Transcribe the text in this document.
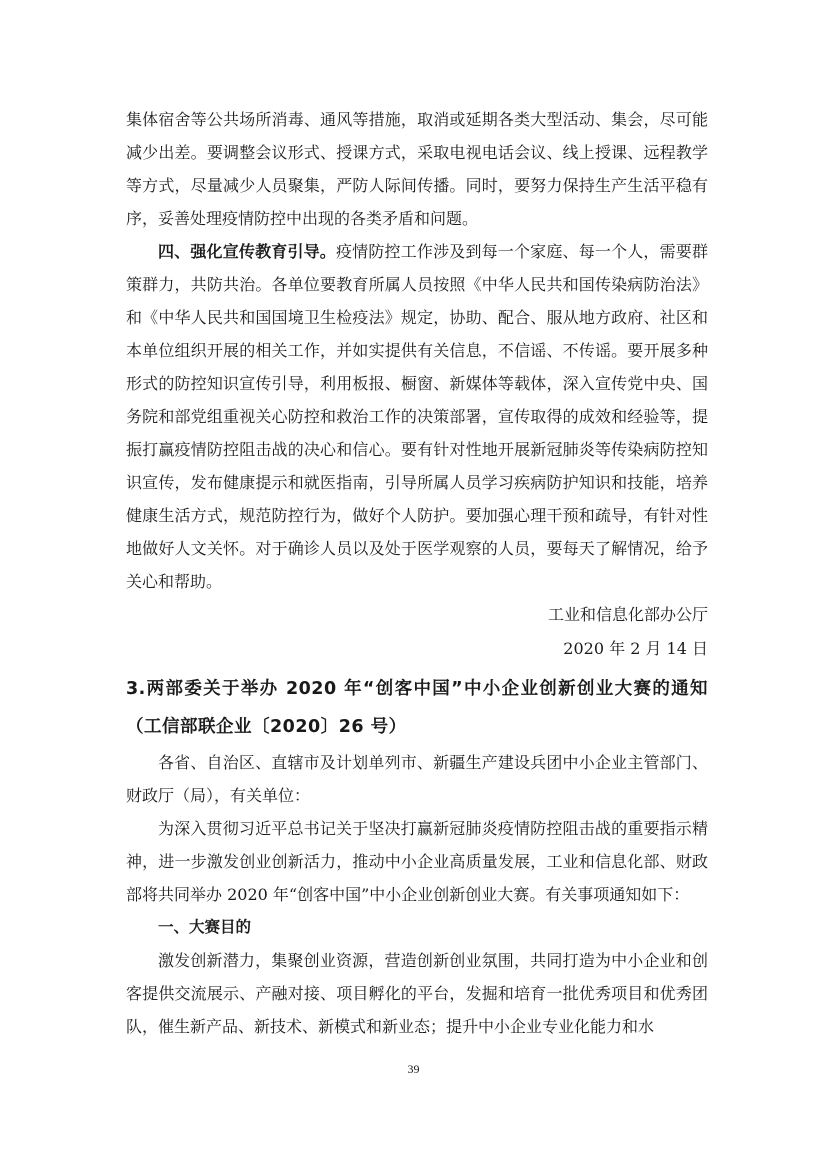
集体宿舍等公共场所消毒、通风等措施，取消或延期各类大型活动、集会，尽可能减少出差。要调整会议形式、授课方式，采取电视电话会议、线上授课、远程教学等方式，尽量减少人员聚集，严防人际间传播。同时，要努力保持生产生活平稳有序，妥善处理疫情防控中出现的各类矛盾和问题。

四、强化宣传教育引导。疫情防控工作涉及到每一个家庭、每一个人，需要群策群力，共防共治。各单位要教育所属人员按照《中华人民共和国传染病防治法》和《中华人民共和国国境卫生检疫法》规定，协助、配合、服从地方政府、社区和本单位组织开展的相关工作，并如实提供有关信息，不信谣、不传谣。要开展多种形式的防控知识宣传引导，利用板报、橱窗、新媒体等载体，深入宣传党中央、国务院和部党组重视关心防控和救治工作的决策部署，宣传取得的成效和经验等，提振打赢疫情防控阻击战的决心和信心。要有针对性地开展新冠肺炎等传染病防控知识宣传，发布健康提示和就医指南，引导所属人员学习疾病防护知识和技能，培养健康生活方式，规范防控行为，做好个人防护。要加强心理干预和疏导，有针对性地做好人文关怀。对于确诊人员以及处于医学观察的人员，要每天了解情况，给予关心和帮助。

工业和信息化部办公厅

2020 年 2 月 14 日

3.两部委关于举办 2020 年“创客中国”中小企业创新创业大赛的通知（工信部联企业〔2020〕26 号）

各省、自治区、直辖市及计划单列市、新疆生产建设兵团中小企业主管部门、财政厅（局），有关单位：

为深入贯彻习近平总书记关于坚决打赢新冠肺炎疫情防控阻击战的重要指示精神，进一步激发创业创新活力，推动中小企业高质量发展，工业和信息化部、财政部将共同举办 2020 年“创客中国”中小企业创新创业大赛。有关事项通知如下：

一、大赛目的

激发创新潜力，集聚创业资源，营造创新创业氛围，共同打造为中小企业和创客提供交流展示、产融对接、项目孵化的平台，发掘和培育一批优秀项目和优秀团队，催生新产品、新技术、新模式和新业态；提升中小企业专业化能力和水

39
